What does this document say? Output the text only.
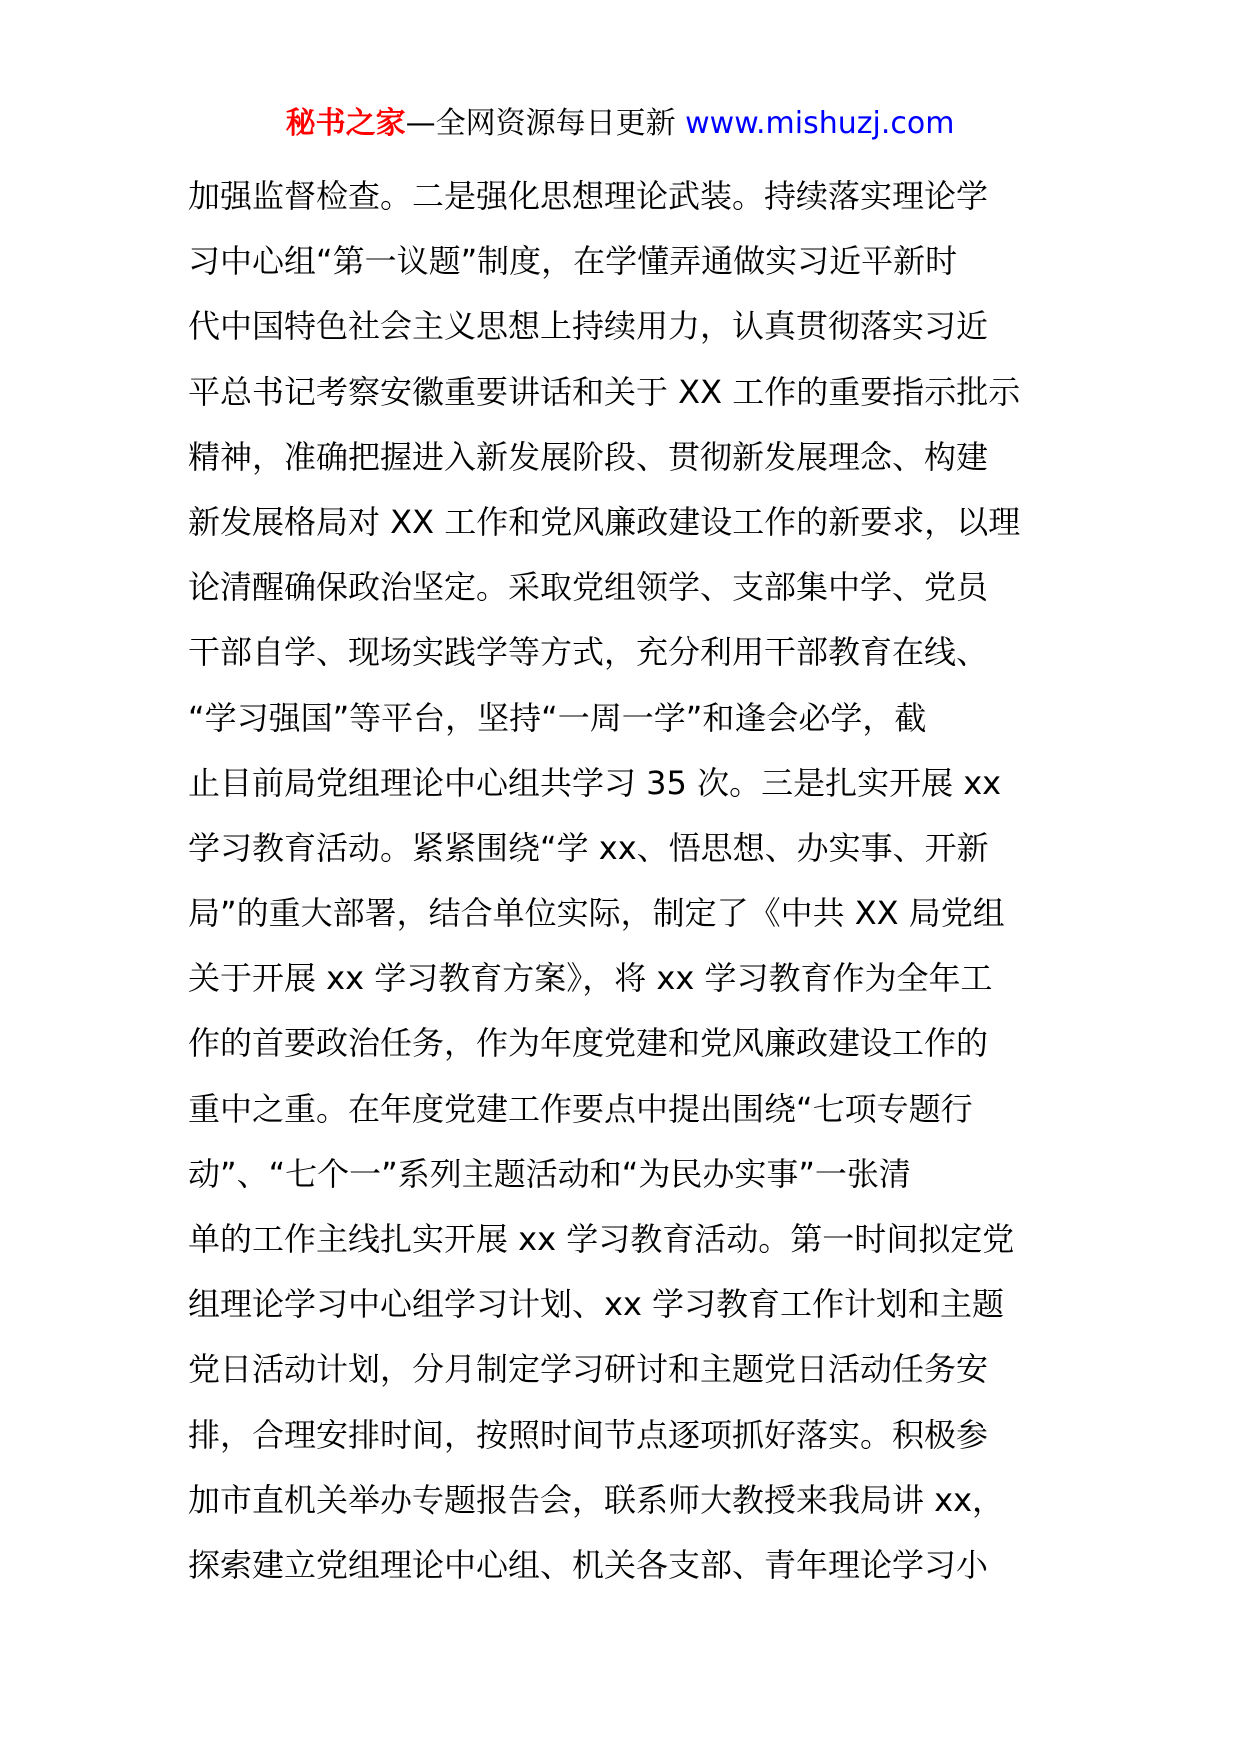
秘书之家—全网资源每日更新 www.mishuzj.com
加强监督检查。二是强化思想理论武装。持续落实理论学
习中心组“第一议题”制度，在学懂弄通做实习近平新时
代中国特色社会主义思想上持续用力，认真贯彻落实习近
平总书记考察安徽重要讲话和关于 XX 工作的重要指示批示
精神，准确把握进入新发展阶段、贯彻新发展理念、构建
新发展格局对 XX 工作和党风廉政建设工作的新要求，以理
论清醒确保政治坚定。采取党组领学、支部集中学、党员
干部自学、现场实践学等方式，充分利用干部教育在线、
“学习强国”等平台，坚持“一周一学”和逢会必学，截
止目前局党组理论中心组共学习 35 次。三是扎实开展 xx
学习教育活动。紧紧围绕“学 xx、悟思想、办实事、开新
局”的重大部署，结合单位实际，制定了《中共 XX 局党组
关于开展 xx 学习教育方案》，将 xx 学习教育作为全年工
作的首要政治任务，作为年度党建和党风廉政建设工作的
重中之重。在年度党建工作要点中提出围绕“七项专题行
动”、“七个一”系列主题活动和“为民办实事”一张清
单的工作主线扎实开展 xx 学习教育活动。第一时间拟定党
组理论学习中心组学习计划、xx 学习教育工作计划和主题
党日活动计划，分月制定学习研讨和主题党日活动任务安
排，合理安排时间，按照时间节点逐项抓好落实。积极参
加市直机关举办专题报告会，联系师大教授来我局讲 xx，
探索建立党组理论中心组、机关各支部、青年理论学习小
